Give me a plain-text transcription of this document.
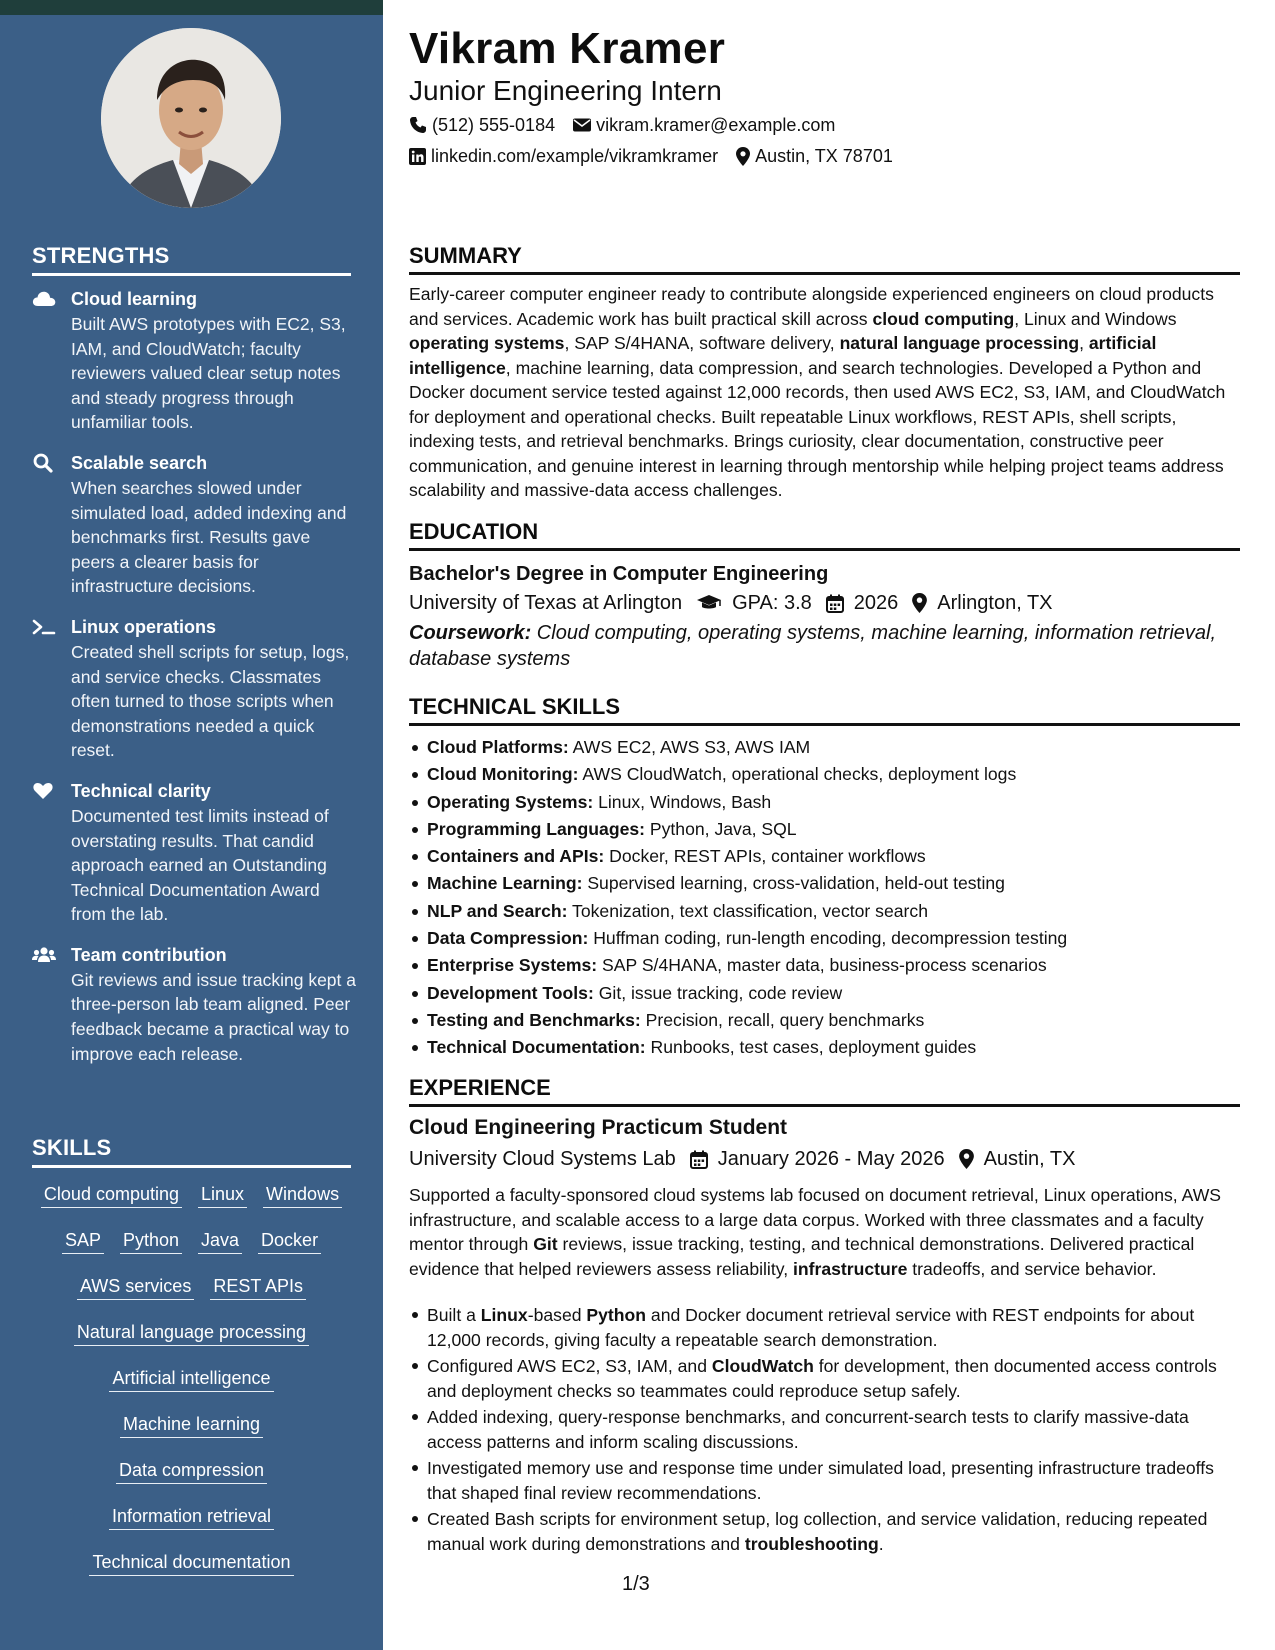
STRENGTHS
Cloud learning
Built AWS prototypes with EC2, S3, IAM, and CloudWatch; faculty reviewers valued clear setup notes and steady progress through unfamiliar tools.
Scalable search
When searches slowed under simulated load, added indexing and benchmarks first. Results gave peers a clearer basis for infrastructure decisions.
Linux operations
Created shell scripts for setup, logs, and service checks. Classmates often turned to those scripts when demonstrations needed a quick reset.
Technical clarity
Documented test limits instead of overstating results. That candid approach earned an Outstanding Technical Documentation Award from the lab.
Team contribution
Git reviews and issue tracking kept a three-person lab team aligned. Peer feedback became a practical way to improve each release.
SKILLS
Cloud computing Linux Windows
SAP Python Java Docker
AWS services REST APIs
Natural language processing
Artificial intelligence
Machine learning
Data compression
Information retrieval
Technical documentation
Vikram Kramer
Junior Engineering Intern
(512) 555-0184 vikram.kramer@example.com
linkedin.com/example/vikramkramer Austin, TX 78701
SUMMARY
Early-career computer engineer ready to contribute alongside experienced engineers on cloud products and services. Academic work has built practical skill across cloud computing, Linux and Windows operating systems, SAP S/4HANA, software delivery, natural language processing, artificial intelligence, machine learning, data compression, and search technologies. Developed a Python and Docker document service tested against 12,000 records, then used AWS EC2, S3, IAM, and CloudWatch for deployment and operational checks. Built repeatable Linux workflows, REST APIs, shell scripts, indexing tests, and retrieval benchmarks. Brings curiosity, clear documentation, constructive peer communication, and genuine interest in learning through mentorship while helping project teams address scalability and massive-data access challenges.
EDUCATION
Bachelor's Degree in Computer Engineering
University of Texas at Arlington	GPA: 3.8 2026 Arlington, TX
Coursework: Cloud computing, operating systems, machine learning, information retrieval, database systems
TECHNICAL SKILLS
Cloud Platforms: AWS EC2, AWS S3, AWS IAM
Cloud Monitoring: AWS CloudWatch, operational checks, deployment logs
Operating Systems: Linux, Windows, Bash
Programming Languages: Python, Java, SQL
Containers and APIs: Docker, REST APIs, container workflows
Machine Learning: Supervised learning, cross-validation, held-out testing
NLP and Search: Tokenization, text classification, vector search
Data Compression: Huffman coding, run-length encoding, decompression testing
Enterprise Systems: SAP S/4HANA, master data, business-process scenarios
Development Tools: Git, issue tracking, code review
Testing and Benchmarks: Precision, recall, query benchmarks
Technical Documentation: Runbooks, test cases, deployment guides
EXPERIENCE
Cloud Engineering Practicum Student
University Cloud Systems Lab January 2026 - May 2026 Austin, TX
Supported a faculty-sponsored cloud systems lab focused on document retrieval, Linux operations, AWS infrastructure, and scalable access to a large data corpus. Worked with three classmates and a faculty mentor through Git reviews, issue tracking, testing, and technical demonstrations. Delivered practical evidence that helped reviewers assess reliability, infrastructure tradeoffs, and service behavior.
Built a Linux-based Python and Docker document retrieval service with REST endpoints for about 12,000 records, giving faculty a repeatable search demonstration.
Configured AWS EC2, S3, IAM, and CloudWatch for development, then documented access controls and deployment checks so teammates could reproduce setup safely.
Added indexing, query-response benchmarks, and concurrent-search tests to clarify massive-data access patterns and inform scaling discussions.
Investigated memory use and response time under simulated load, presenting infrastructure tradeoffs that shaped final review recommendations.
Created Bash scripts for environment setup, log collection, and service validation, reducing repeated manual work during demonstrations and troubleshooting.
1/3
